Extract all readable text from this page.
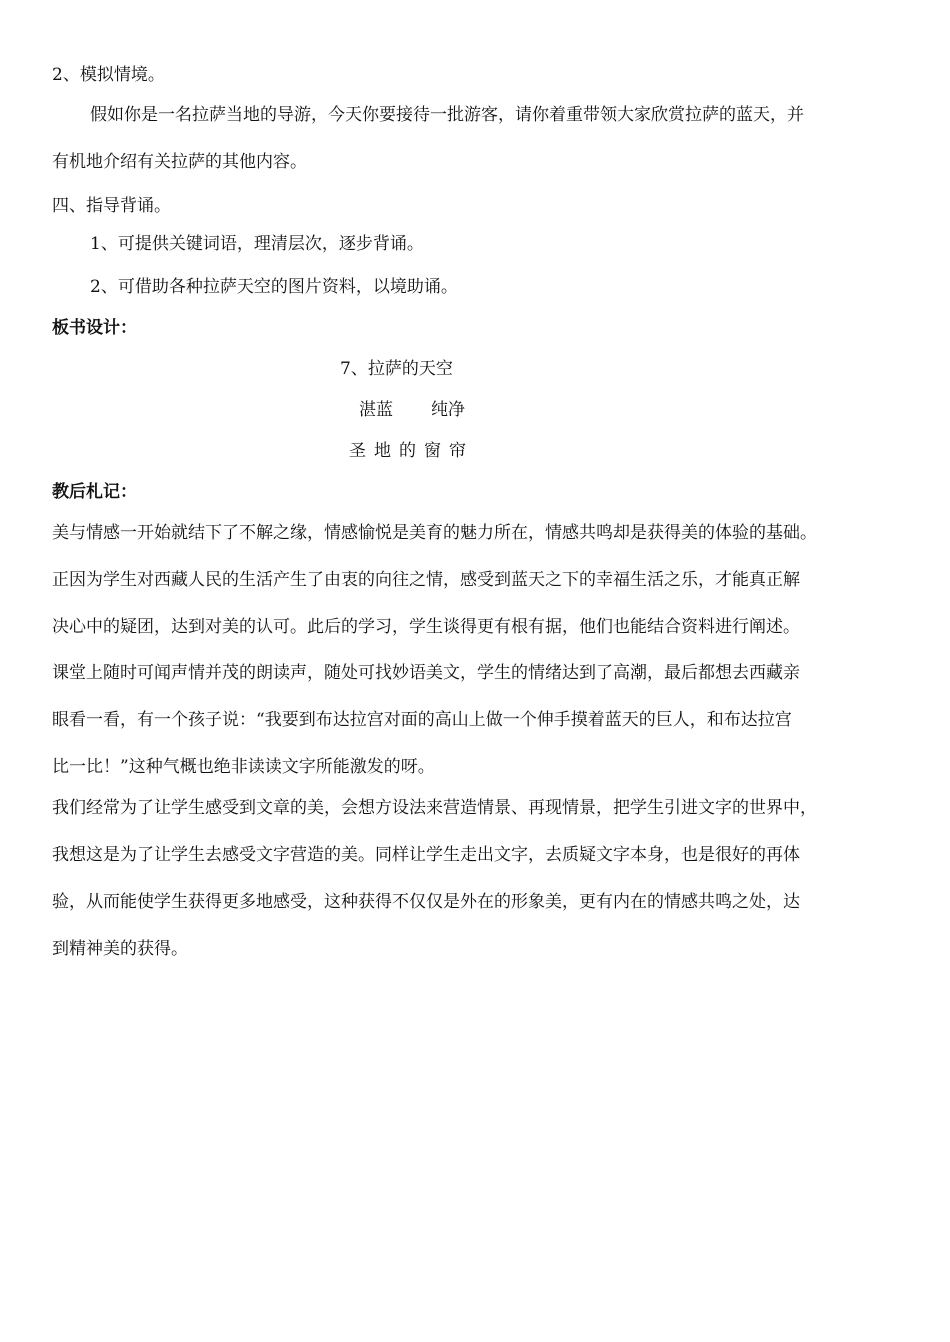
2、模拟情境。
假如你是一名拉萨当地的导游，今天你要接待一批游客，请你着重带领大家欣赏拉萨的蓝天，并
有机地介绍有关拉萨的其他内容。
四、指导背诵。
1、可提供关键词语，理清层次，逐步背诵。
2、可借助各种拉萨天空的图片资料，以境助诵。
板书设计：
7、拉萨的天空
湛蓝 纯净
圣地的窗帘
教后札记：
美与情感一开始就结下了不解之缘，情感愉悦是美育的魅力所在，情感共鸣却是获得美的体验的基础。
正因为学生对西藏人民的生活产生了由衷的向往之情，感受到蓝天之下的幸福生活之乐，才能真正解
决心中的疑团，达到对美的认可。此后的学习，学生谈得更有根有据，他们也能结合资料进行阐述。
课堂上随时可闻声情并茂的朗读声，随处可找妙语美文，学生的情绪达到了高潮，最后都想去西藏亲
眼看一看，有一个孩子说：“我要到布达拉宫对面的高山上做一个伸手摸着蓝天的巨人，和布达拉宫
比一比！”这种气概也绝非读读文字所能激发的呀。
我们经常为了让学生感受到文章的美，会想方设法来营造情景、再现情景，把学生引进文字的世界中，
我想这是为了让学生去感受文字营造的美。同样让学生走出文字，去质疑文字本身，也是很好的再体
验，从而能使学生获得更多地感受，这种获得不仅仅是外在的形象美，更有内在的情感共鸣之处，达
到精神美的获得。
